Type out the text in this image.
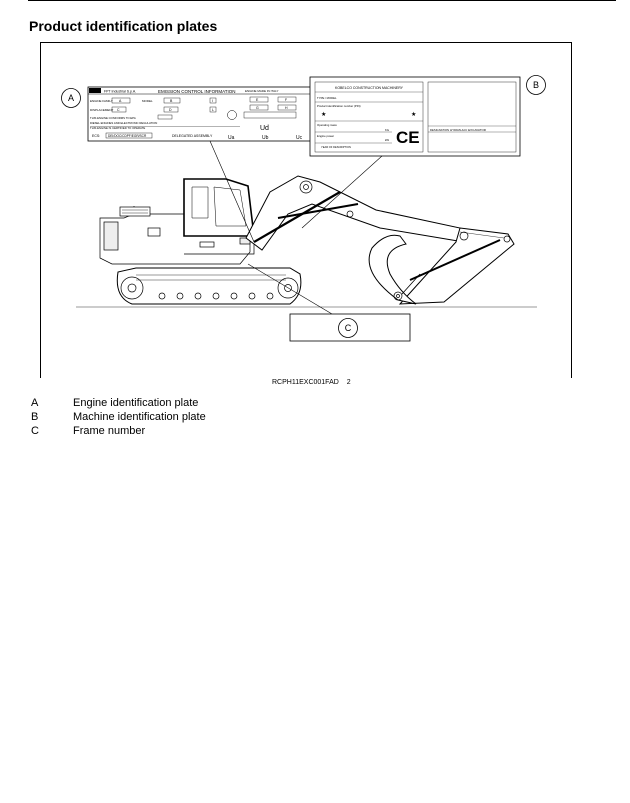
Product identification plates
FPT Industrial S.p.A.	EMISSION CONTROL INFORMATION	ENGINE MADE IN ITALY
ENGINE FAMILY A	MODEL	B	I	E	F
DISPLACEMENT C	D	L	G	H
THIS ENGINE CONFORMS TO EPA
DIESEL ENGINES AND ELECTRONIC REGULATION
THIS ENGINE IS CERTIFIED TO OPERATE
ECS: DEI/DOC/CDPF/EGR/SCR	DELEGATED ASSEMBLY
Ud
Ua	Ub	Uc
A
KOBELCO CONSTRUCTION MACHINERY
TYPE / MODEL
Product identification number (PIN)
★	★
Operating mass
KG
Engine power
kW
YEAR OF DESCRIPTION
CE	DESIGNATION HYDRAULIC EXCAVATOR
B
C
RCPH11EXC001FAD 2
A	Engine identification plate
B	Machine identification plate
C	Frame number
